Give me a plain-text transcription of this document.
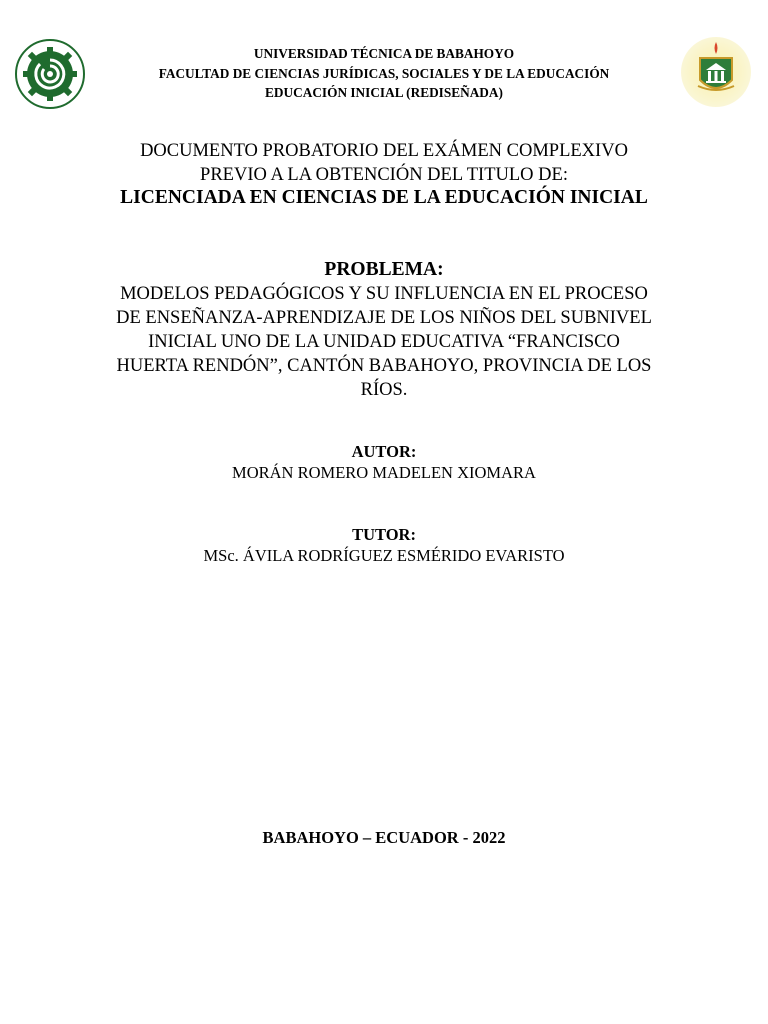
UNIVERSIDAD TÉCNICA DE BABAHOYO
FACULTAD DE CIENCIAS JURÍDICAS, SOCIALES Y DE LA EDUCACIÓN
EDUCACIÓN INICIAL (REDISEÑADA)
DOCUMENTO PROBATORIO DEL EXÁMEN COMPLEXIVO
PREVIO A LA OBTENCIÓN DEL TITULO DE:
LICENCIADA EN CIENCIAS DE LA EDUCACIÓN INICIAL
PROBLEMA:
MODELOS PEDAGÓGICOS Y SU INFLUENCIA EN EL PROCESO
DE ENSEÑANZA-APRENDIZAJE DE LOS NIÑOS DEL SUBNIVEL
INICIAL UNO DE LA UNIDAD EDUCATIVA “FRANCISCO
HUERTA RENDÓN”, CANTÓN BABAHOYO, PROVINCIA DE LOS
RÍOS.
AUTOR:
MORÁN ROMERO MADELEN XIOMARA
TUTOR:
MSc. ÁVILA RODRÍGUEZ ESMÉRIDO EVARISTO
BABAHOYO – ECUADOR - 2022
